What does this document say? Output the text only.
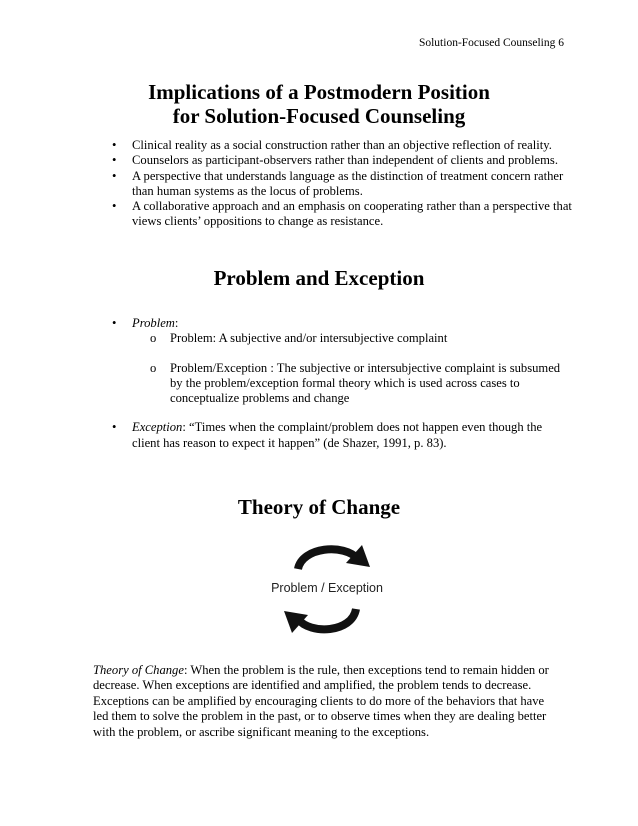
Solution-Focused Counseling 6
Implications of a Postmodern Position
for Solution-Focused Counseling
• Clinical reality as a social construction rather than an objective reflection of reality.
• Counselors as participant-observers rather than independent of clients and problems.
• A perspective that understands language as the distinction of treatment concern rather than human systems as the locus of problems.
• A collaborative approach and an emphasis on cooperating rather than a perspective that views clients’ oppositions to change as resistance.
Problem and Exception
• Problem:
o Problem: A subjective and/or intersubjective complaint
o Problem/Exception : The subjective or intersubjective complaint is subsumed by the problem/exception formal theory which is used across cases to conceptualize problems and change
• Exception: “Times when the complaint/problem does not happen even though the client has reason to expect it happen” (de Shazer, 1991, p. 83).
Theory of Change
Problem / Exception

Theory of Change: When the problem is the rule, then exceptions tend to remain hidden or decrease. When exceptions are identified and amplified, the problem tends to decrease. Exceptions can be amplified by encouraging clients to do more of the behaviors that have led them to solve the problem in the past, or to observe times when they are dealing better with the problem, or ascribe significant meaning to the exceptions.
